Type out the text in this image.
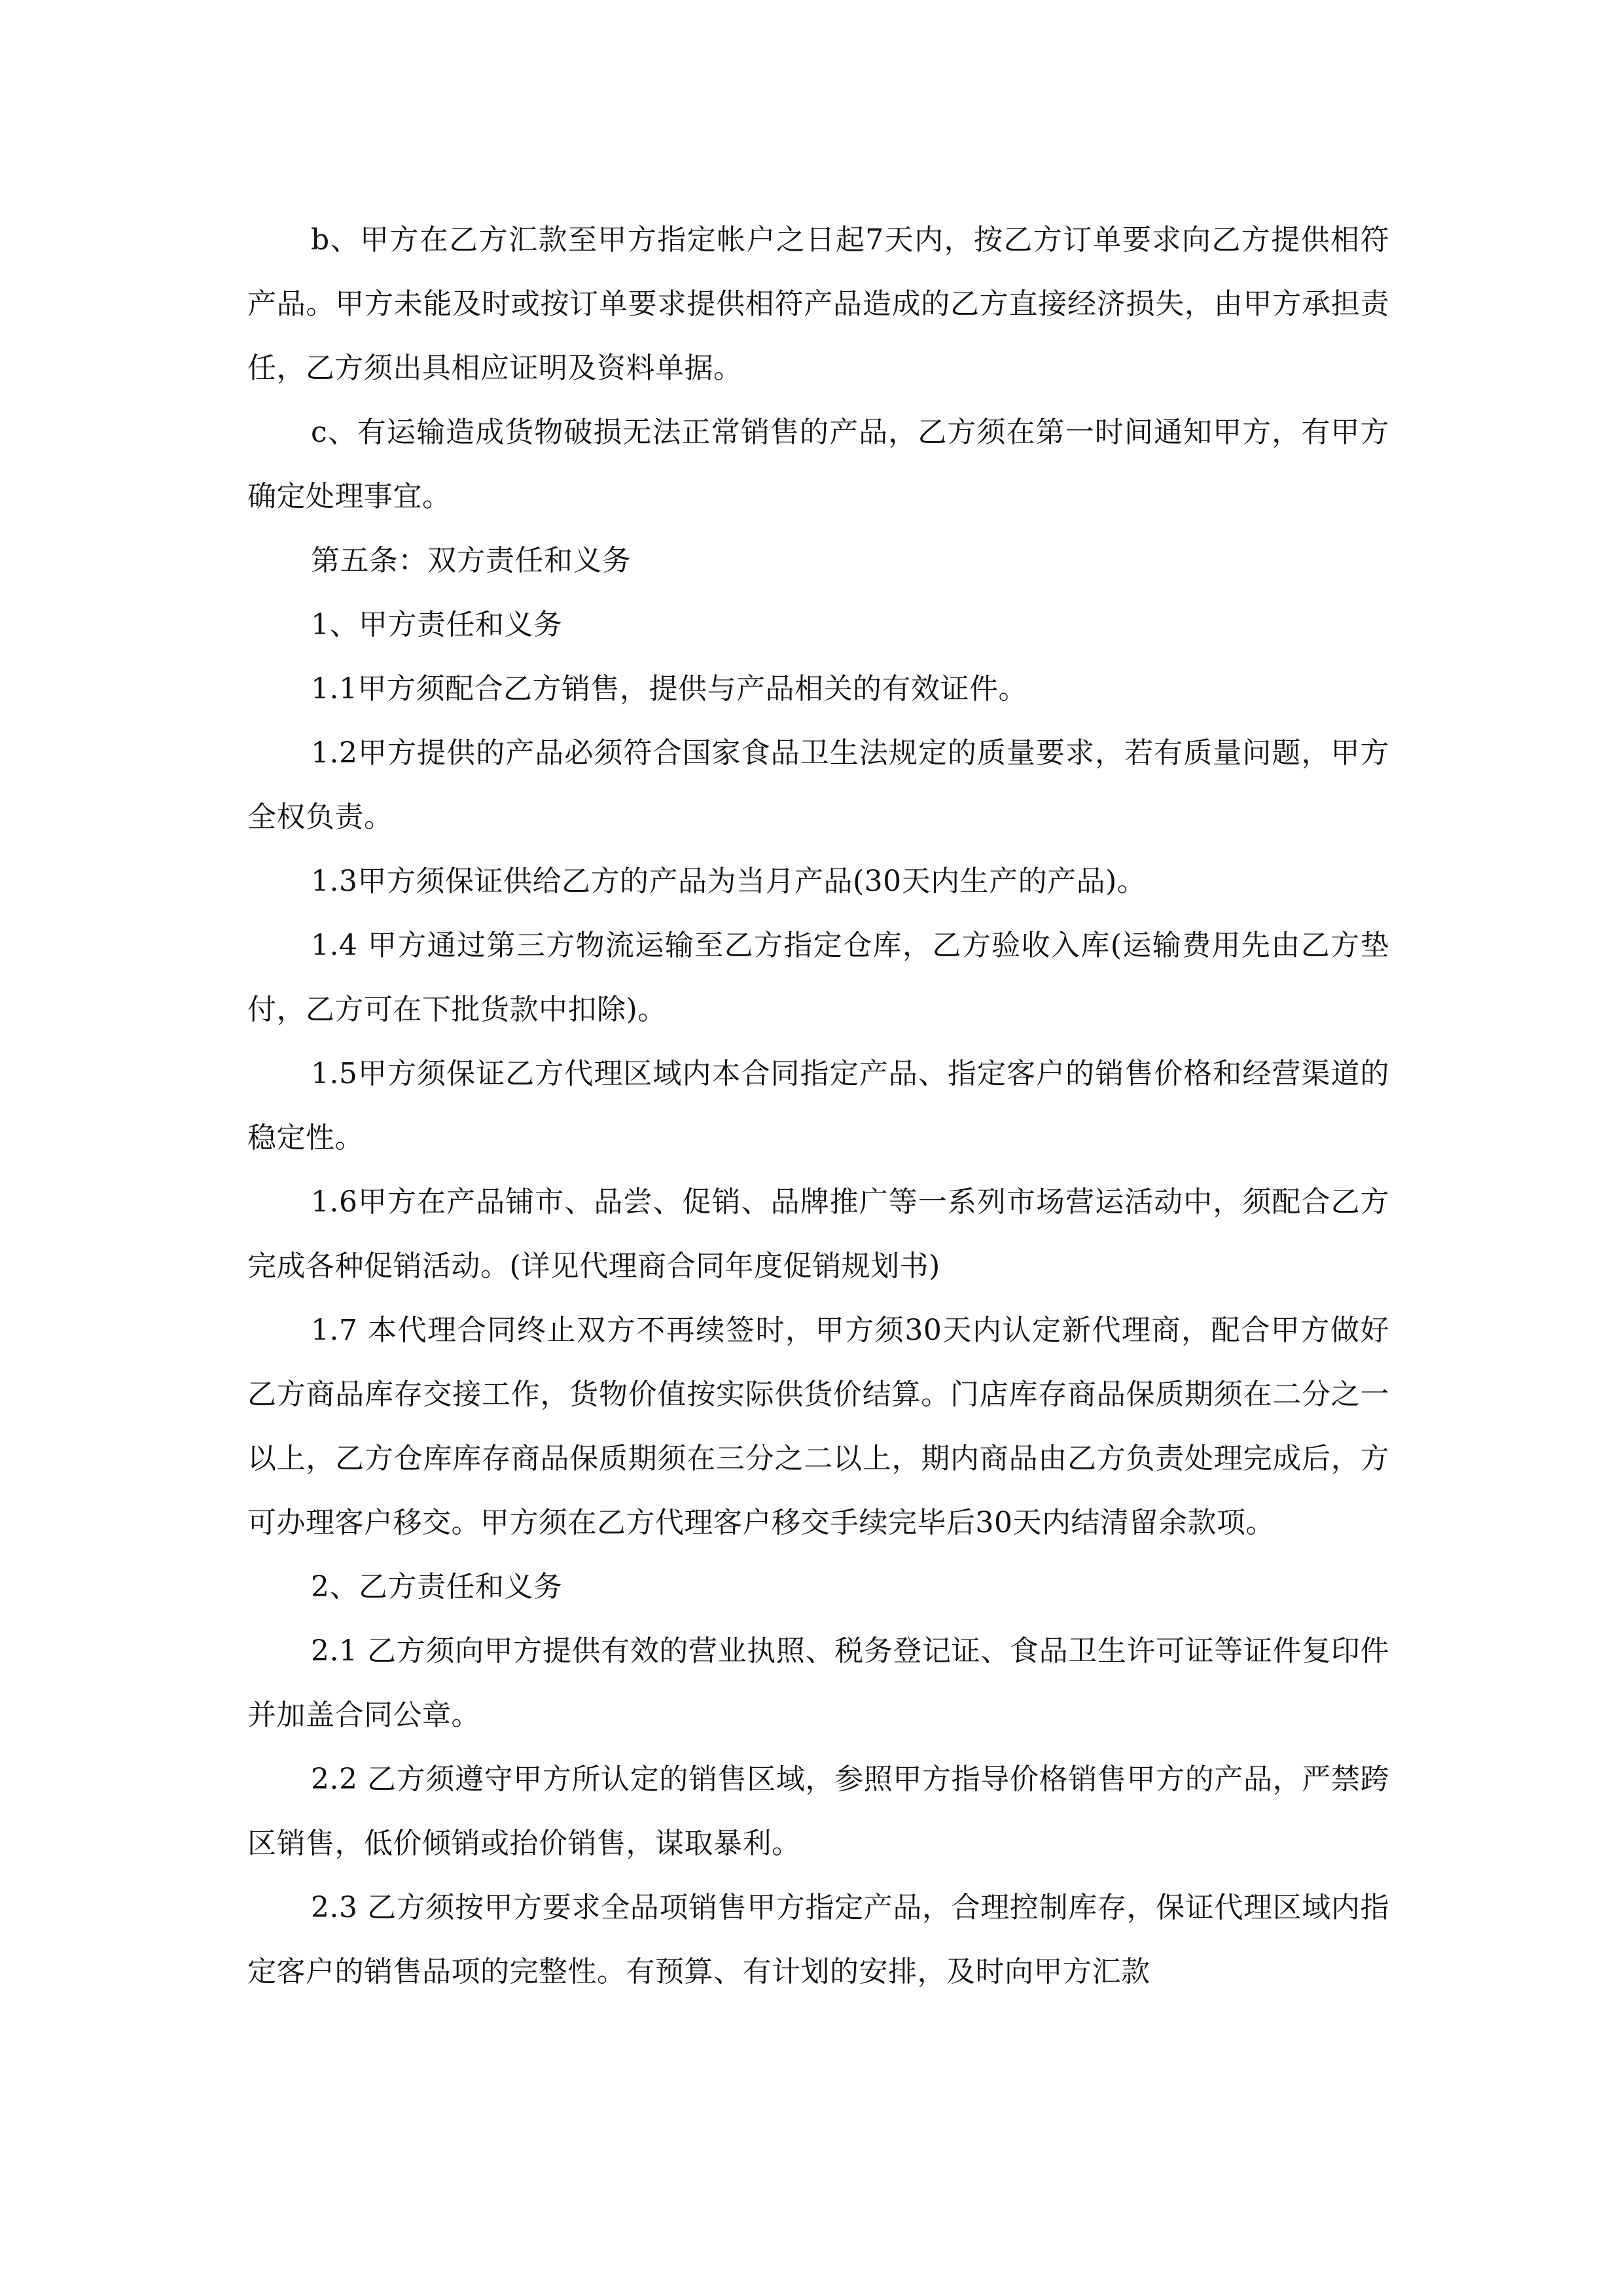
b、甲方在乙方汇款至甲方指定帐户之日起7天内，按乙方订单要求向乙方提供相符产品。甲方未能及时或按订单要求提供相符产品造成的乙方直接经济损失，由甲方承担责任，乙方须出具相应证明及资料单据。

c、有运输造成货物破损无法正常销售的产品，乙方须在第一时间通知甲方，有甲方确定处理事宜。

第五条：双方责任和义务

1、甲方责任和义务

1.1甲方须配合乙方销售，提供与产品相关的有效证件。

1.2甲方提供的产品必须符合国家食品卫生法规定的质量要求，若有质量问题，甲方全权负责。

1.3甲方须保证供给乙方的产品为当月产品(30天内生产的产品)。

1.4 甲方通过第三方物流运输至乙方指定仓库，乙方验收入库(运输费用先由乙方垫付，乙方可在下批货款中扣除)。

1.5甲方须保证乙方代理区域内本合同指定产品、指定客户的销售价格和经营渠道的稳定性。

1.6甲方在产品铺市、品尝、促销、品牌推广等一系列市场营运活动中，须配合乙方完成各种促销活动。(详见代理商合同年度促销规划书)

1.7 本代理合同终止双方不再续签时，甲方须30天内认定新代理商，配合甲方做好乙方商品库存交接工作，货物价值按实际供货价结算。门店库存商品保质期须在二分之一以上，乙方仓库库存商品保质期须在三分之二以上，期内商品由乙方负责处理完成后，方可办理客户移交。甲方须在乙方代理客户移交手续完毕后30天内结清留余款项。

2、乙方责任和义务

2.1 乙方须向甲方提供有效的营业执照、税务登记证、食品卫生许可证等证件复印件并加盖合同公章。

2.2 乙方须遵守甲方所认定的销售区域，参照甲方指导价格销售甲方的产品，严禁跨区销售，低价倾销或抬价销售，谋取暴利。

2.3 乙方须按甲方要求全品项销售甲方指定产品，合理控制库存，保证代理区域内指定客户的销售品项的完整性。有预算、有计划的安排，及时向甲方汇款
